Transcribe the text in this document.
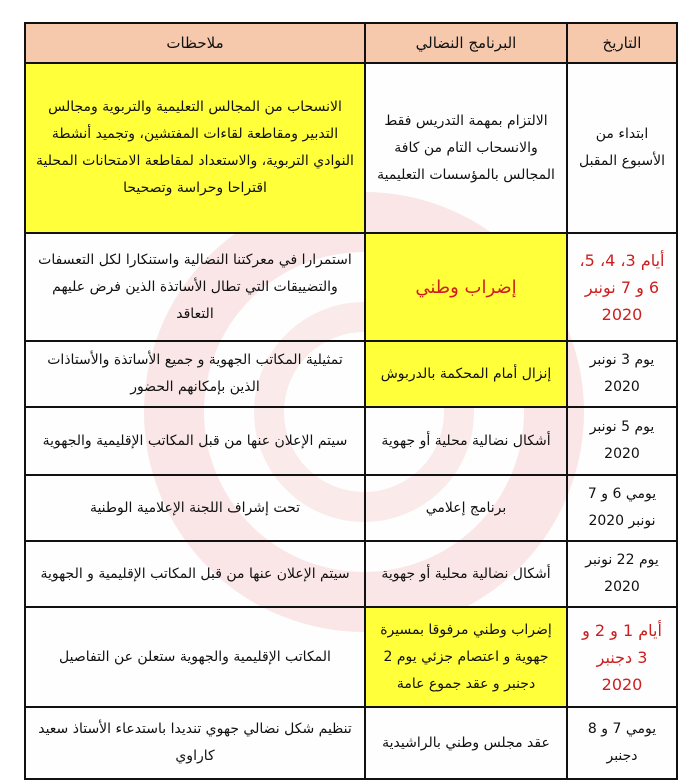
التاريخ	البرنامج النضالي	ملاحظات
ابتداء من الأسبوع المقبل	الالتزام بمهمة التدريس فقط والانسحاب التام من كافة المجالس بالمؤسسات التعليمية	الانسحاب من المجالس التعليمية والتربوية ومجالس التدبير ومقاطعة لقاءات المفتشين، وتجميد أنشطة النوادي التربوية، والاستعداد لمقاطعة الامتحانات المحلية اقتراحا وحراسة وتصحيحا
أيام 3، 4، 5، 6 و 7 نونبر 2020	إضراب وطني	استمرارا في معركتنا النضالية واستنكارا لكل التعسفات والتضييقات التي تطال الأساتذة الذين فرض عليهم التعاقد
يوم 3 نونبر 2020	إنزال أمام المحكمة بالدربوش	تمثيلية المكاتب الجهوية و جميع الأساتذة والأستاذات الذين بإمكانهم الحضور
يوم 5 نونبر 2020	أشكال نضالية محلية أو جهوية	سيتم الإعلان عنها من قبل المكاتب الإقليمية والجهوية
يومي 6 و 7 نونبر 2020	برنامج إعلامي	تحت إشراف اللجنة الإعلامية الوطنية
يوم 22 نونبر 2020	أشكال نضالية محلية أو جهوية	سيتم الإعلان عنها من قبل المكاتب الإقليمية و الجهوية
أيام 1 و 2 و 3 دجنبر 2020	إضراب وطني مرفوقا بمسيرة جهوية و اعتصام جزئي يوم 2 دجنبر و عقد جموع عامة	المكاتب الإقليمية والجهوية ستعلن عن التفاصيل
يومي 7 و 8 دجنبر	عقد مجلس وطني بالراشيدية	تنظيم شكل نضالي جهوي تنديدا باستدعاء الأستاذ سعيد كاراوي
